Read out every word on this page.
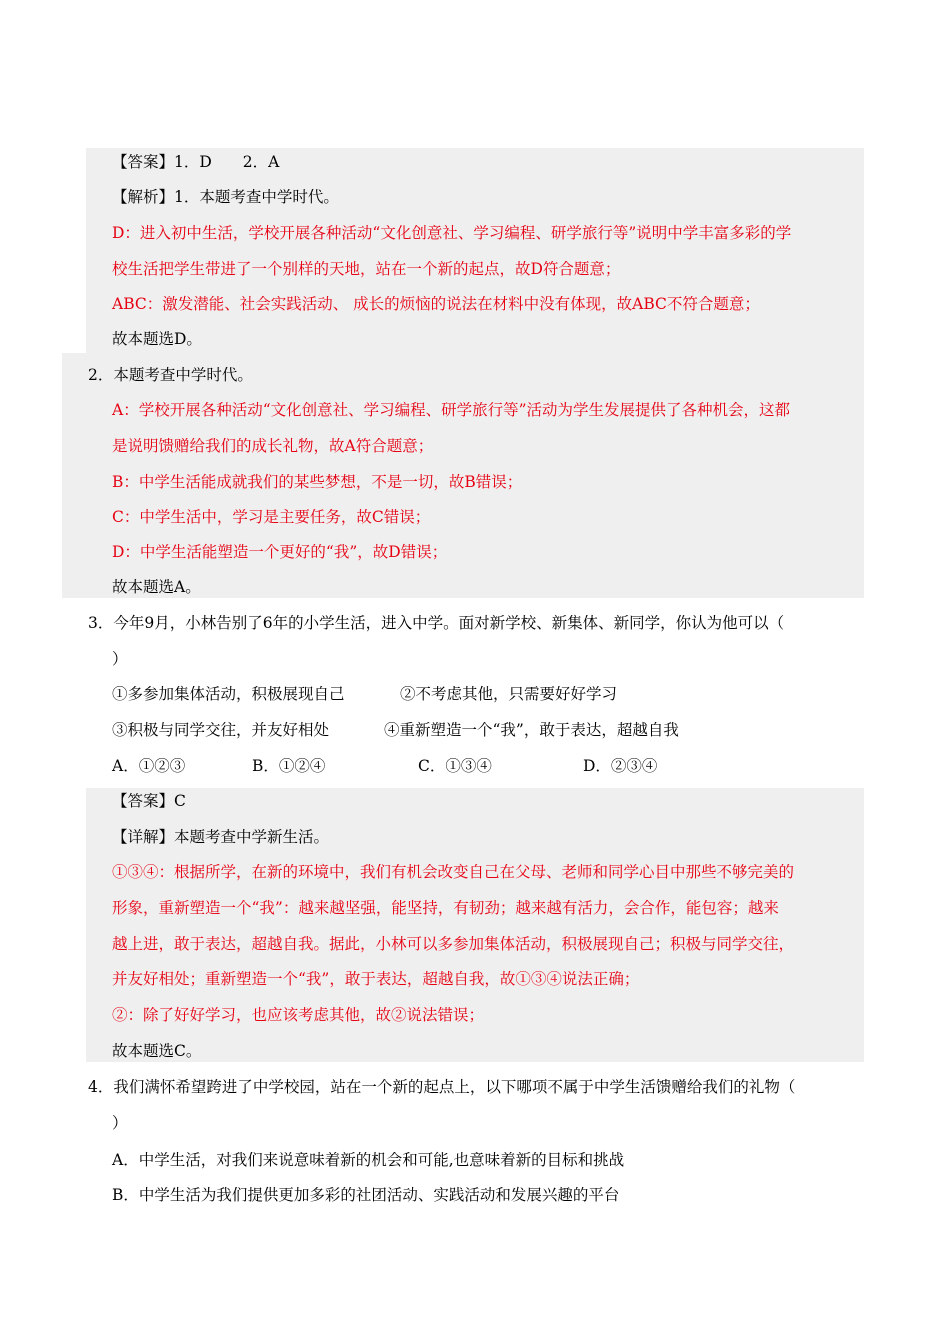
【答案】1．D　　2．A
【解析】1．本题考查中学时代。
D：进入初中生活，学校开展各种活动“文化创意社、学习编程、研学旅行等”说明中学丰富多彩的学
校生活把学生带进了一个别样的天地，站在一个新的起点，故D符合题意；
ABC：激发潜能、社会实践活动、 成长的烦恼的说法在材料中没有体现，故ABC不符合题意；
故本题选D。
2．本题考查中学时代。
A：学校开展各种活动“文化创意社、学习编程、研学旅行等”活动为学生发展提供了各种机会，这都
是说明馈赠给我们的成长礼物，故A符合题意；
B：中学生活能成就我们的某些梦想，不是一切，故B错误；
C：中学生活中，学习是主要任务，故C错误；
D：中学生活能塑造一个更好的“我”，故D错误；
故本题选A。
3．今年9月，小林告别了6年的小学生活，进入中学。面对新学校、新集体、新同学，你认为他可以（
）
①多参加集体活动，积极展现自己	②不考虑其他，只需要好好学习
③积极与同学交往，并友好相处	④重新塑造一个“我”，敢于表达，超越自我
A．①②③	B．①②④	C．①③④	D．②③④
【答案】C
【详解】本题考查中学新生活。
①③④：根据所学，在新的环境中，我们有机会改变自己在父母、老师和同学心目中那些不够完美的
形象，重新塑造一个“我”：越来越坚强，能坚持，有韧劲；越来越有活力，会合作，能包容；越来
越上进，敢于表达，超越自我。据此，小林可以多参加集体活动，积极展现自己；积极与同学交往，
并友好相处；重新塑造一个“我”，敢于表达，超越自我，故①③④说法正确；
②：除了好好学习，也应该考虑其他，故②说法错误；
故本题选C。
4．我们满怀希望跨进了中学校园，站在一个新的起点上，以下哪项不属于中学生活馈赠给我们的礼物（
）
A．中学生活，对我们来说意味着新的机会和可能,也意味着新的目标和挑战
B．中学生活为我们提供更加多彩的社团活动、实践活动和发展兴趣的平台
